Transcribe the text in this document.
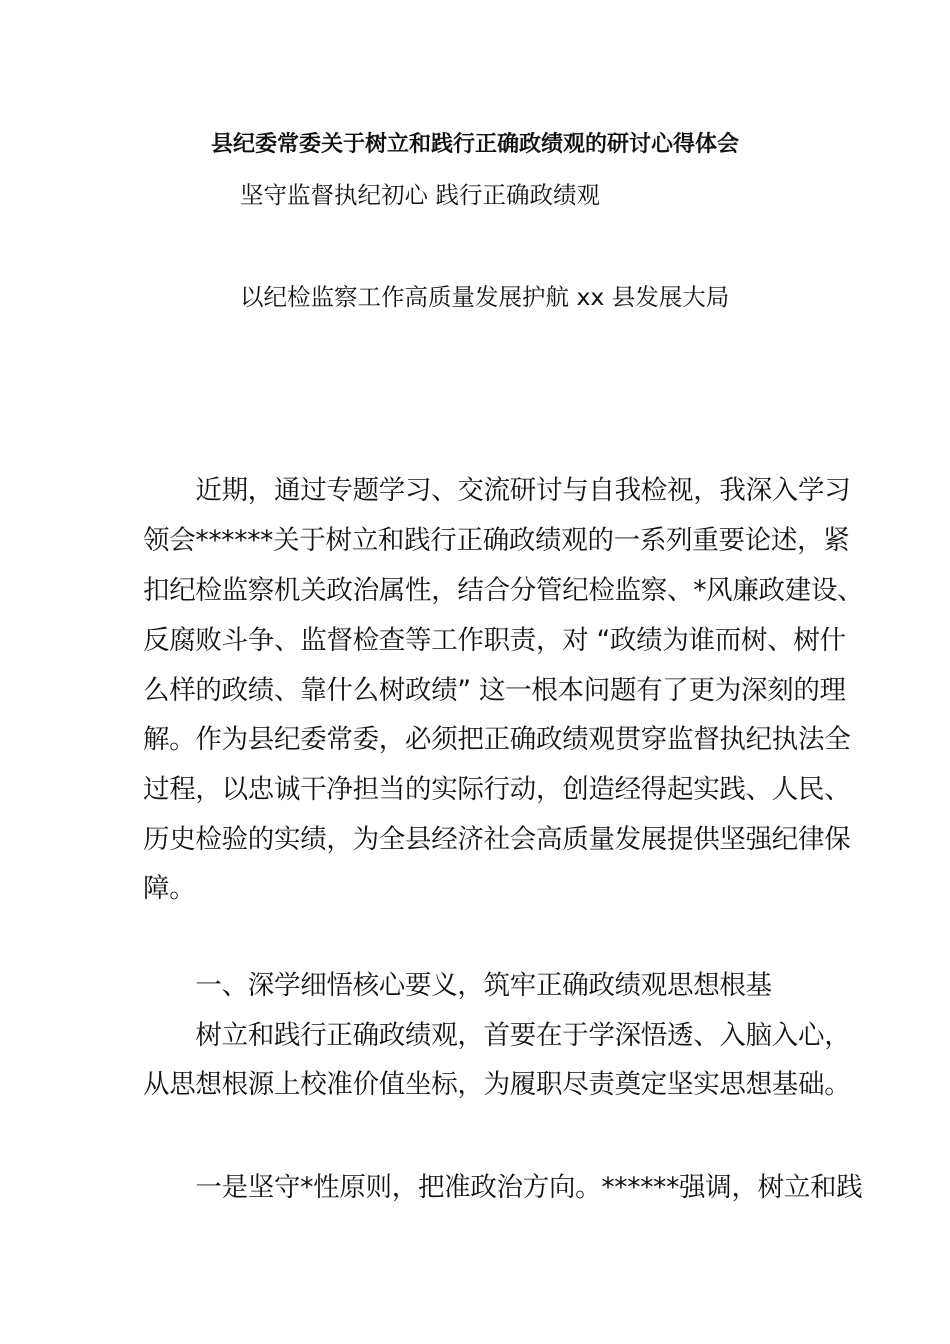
县纪委常委关于树立和践行正确政绩观的研讨心得体会
坚守监督执纪初心 践行正确政绩观
以纪检监察工作高质量发展护航 xx 县发展大局
　　近期，通过专题学习、交流研讨与自我检视，我深入学习
领会******关于树立和践行正确政绩观的一系列重要论述，紧
扣纪检监察机关政治属性，结合分管纪检监察、*风廉政建设、
反腐败斗争、监督检查等工作职责，对 “政绩为谁而树、树什
么样的政绩、靠什么树政绩” 这一根本问题有了更为深刻的理
解。作为县纪委常委，必须把正确政绩观贯穿监督执纪执法全
过程，以忠诚干净担当的实际行动，创造经得起实践、人民、
历史检验的实绩，为全县经济社会高质量发展提供坚强纪律保
障。
　　一、深学细悟核心要义，筑牢正确政绩观思想根基
　　树立和践行正确政绩观，首要在于学深悟透、入脑入心，
从思想根源上校准价值坐标，为履职尽责奠定坚实思想基础。
　　一是坚守*性原则，把准政治方向。******强调，树立和践
